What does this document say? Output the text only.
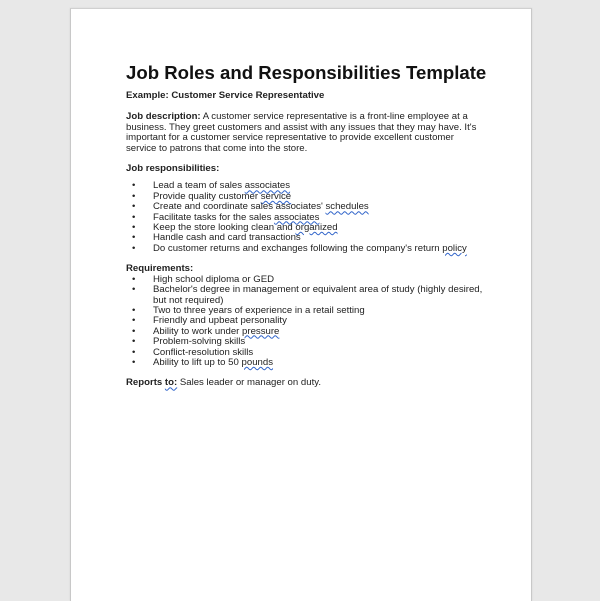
Job Roles and Responsibilities Template
Example: Customer Service Representative
Job description: A customer service representative is a front-line employee at a business. They greet customers and assist with any issues that they may have. It's important for a customer service representative to provide excellent customer service to patrons that come into the store.
Job responsibilities:
• Lead a team of sales associates
• Provide quality customer service
• Create and coordinate sales associates' schedules
• Facilitate tasks for the sales associates
• Keep the store looking clean and organized
• Handle cash and card transactions
• Do customer returns and exchanges following the company's return policy
Requirements:
• High school diploma or GED
• Bachelor's degree in management or equivalent area of study (highly desired, but not required)
• Two to three years of experience in a retail setting
• Friendly and upbeat personality
• Ability to work under pressure
• Problem-solving skills
• Conflict-resolution skills
• Ability to lift up to 50 pounds
Reports to: Sales leader or manager on duty.
